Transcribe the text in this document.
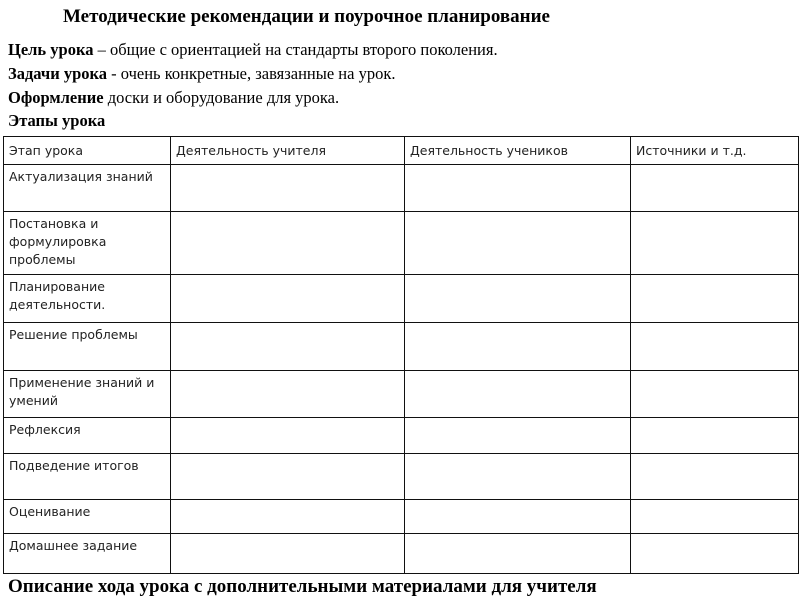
Методические рекомендации и поурочное планирование
Цель урока – общие с ориентацией на стандарты второго поколения.
Задачи урока - очень конкретные, завязанные на урок.
Оформление доски и оборудование для урока.
Этапы урока
Этап урока	Деятельность учителя	Деятельность учеников	Источники и т.д.
Актуализация знаний			
Постановка и формулировка проблемы			
Планирование деятельности.			
Решение проблемы			
Применение знаний и умений			
Рефлексия			
Подведение итогов			
Оценивание			
Домашнее задание			
Описание хода урока с дополнительными материалами для учителя
